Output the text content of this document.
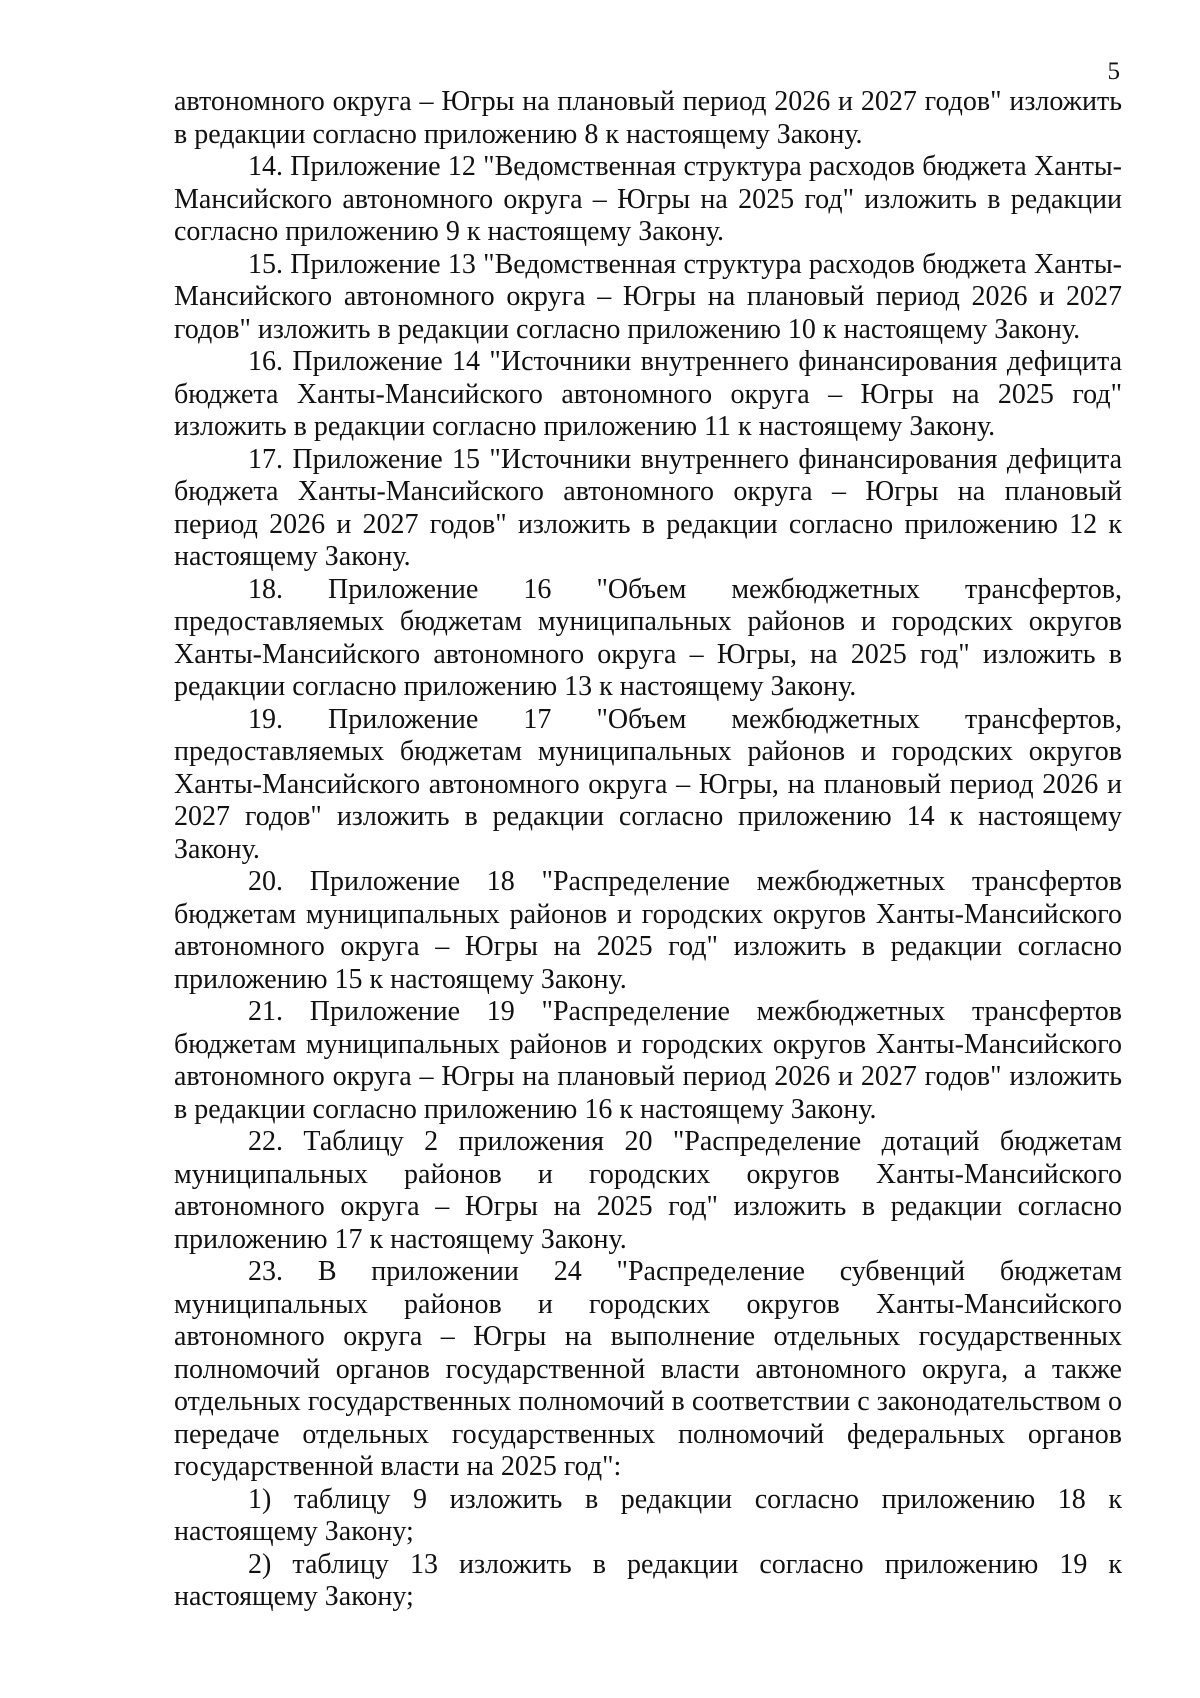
5

автономного округа – Югры на плановый период 2026 и 2027 годов" изложить в редакции согласно приложению 8 к настоящему Закону.

14. Приложение 12 "Ведомственная структура расходов бюджета Ханты-Мансийского автономного округа – Югры на 2025 год" изложить в редакции согласно приложению 9 к настоящему Закону.

15. Приложение 13 "Ведомственная структура расходов бюджета Ханты-Мансийского автономного округа – Югры на плановый период 2026 и 2027 годов" изложить в редакции согласно приложению 10 к настоящему Закону.

16. Приложение 14 "Источники внутреннего финансирования дефицита бюджета Ханты-Мансийского автономного округа – Югры на 2025 год" изложить в редакции согласно приложению 11 к настоящему Закону.

17. Приложение 15 "Источники внутреннего финансирования дефицита бюджета Ханты-Мансийского автономного округа – Югры на плановый период 2026 и 2027 годов" изложить в редакции согласно приложению 12 к настоящему Закону.

18. Приложение 16 "Объем межбюджетных трансфертов, предоставляемых бюджетам муниципальных районов и городских округов Ханты-Мансийского автономного округа – Югры, на 2025 год" изложить в редакции согласно приложению 13 к настоящему Закону.

19. Приложение 17 "Объем межбюджетных трансфертов, предоставляемых бюджетам муниципальных районов и городских округов Ханты-Мансийского автономного округа – Югры, на плановый период 2026 и 2027 годов" изложить в редакции согласно приложению 14 к настоящему Закону.

20. Приложение 18 "Распределение межбюджетных трансфертов бюджетам муниципальных районов и городских округов Ханты-Мансийского автономного округа – Югры на 2025 год" изложить в редакции согласно приложению 15 к настоящему Закону.

21. Приложение 19 "Распределение межбюджетных трансфертов бюджетам муниципальных районов и городских округов Ханты-Мансийского автономного округа – Югры на плановый период 2026 и 2027 годов" изложить в редакции согласно приложению 16 к настоящему Закону.

22. Таблицу 2 приложения 20 "Распределение дотаций бюджетам муниципальных районов и городских округов Ханты-Мансийского автономного округа – Югры на 2025 год" изложить в редакции согласно приложению 17 к настоящему Закону.

23. В приложении 24 "Распределение субвенций бюджетам муниципальных районов и городских округов Ханты-Мансийского автономного округа – Югры на выполнение отдельных государственных полномочий органов государственной власти автономного округа, а также отдельных государственных полномочий в соответствии с законодательством о передаче отдельных государственных полномочий федеральных органов государственной власти на 2025 год":

1) таблицу 9 изложить в редакции согласно приложению 18 к настоящему Закону;

2) таблицу 13 изложить в редакции согласно приложению 19 к настоящему Закону;
